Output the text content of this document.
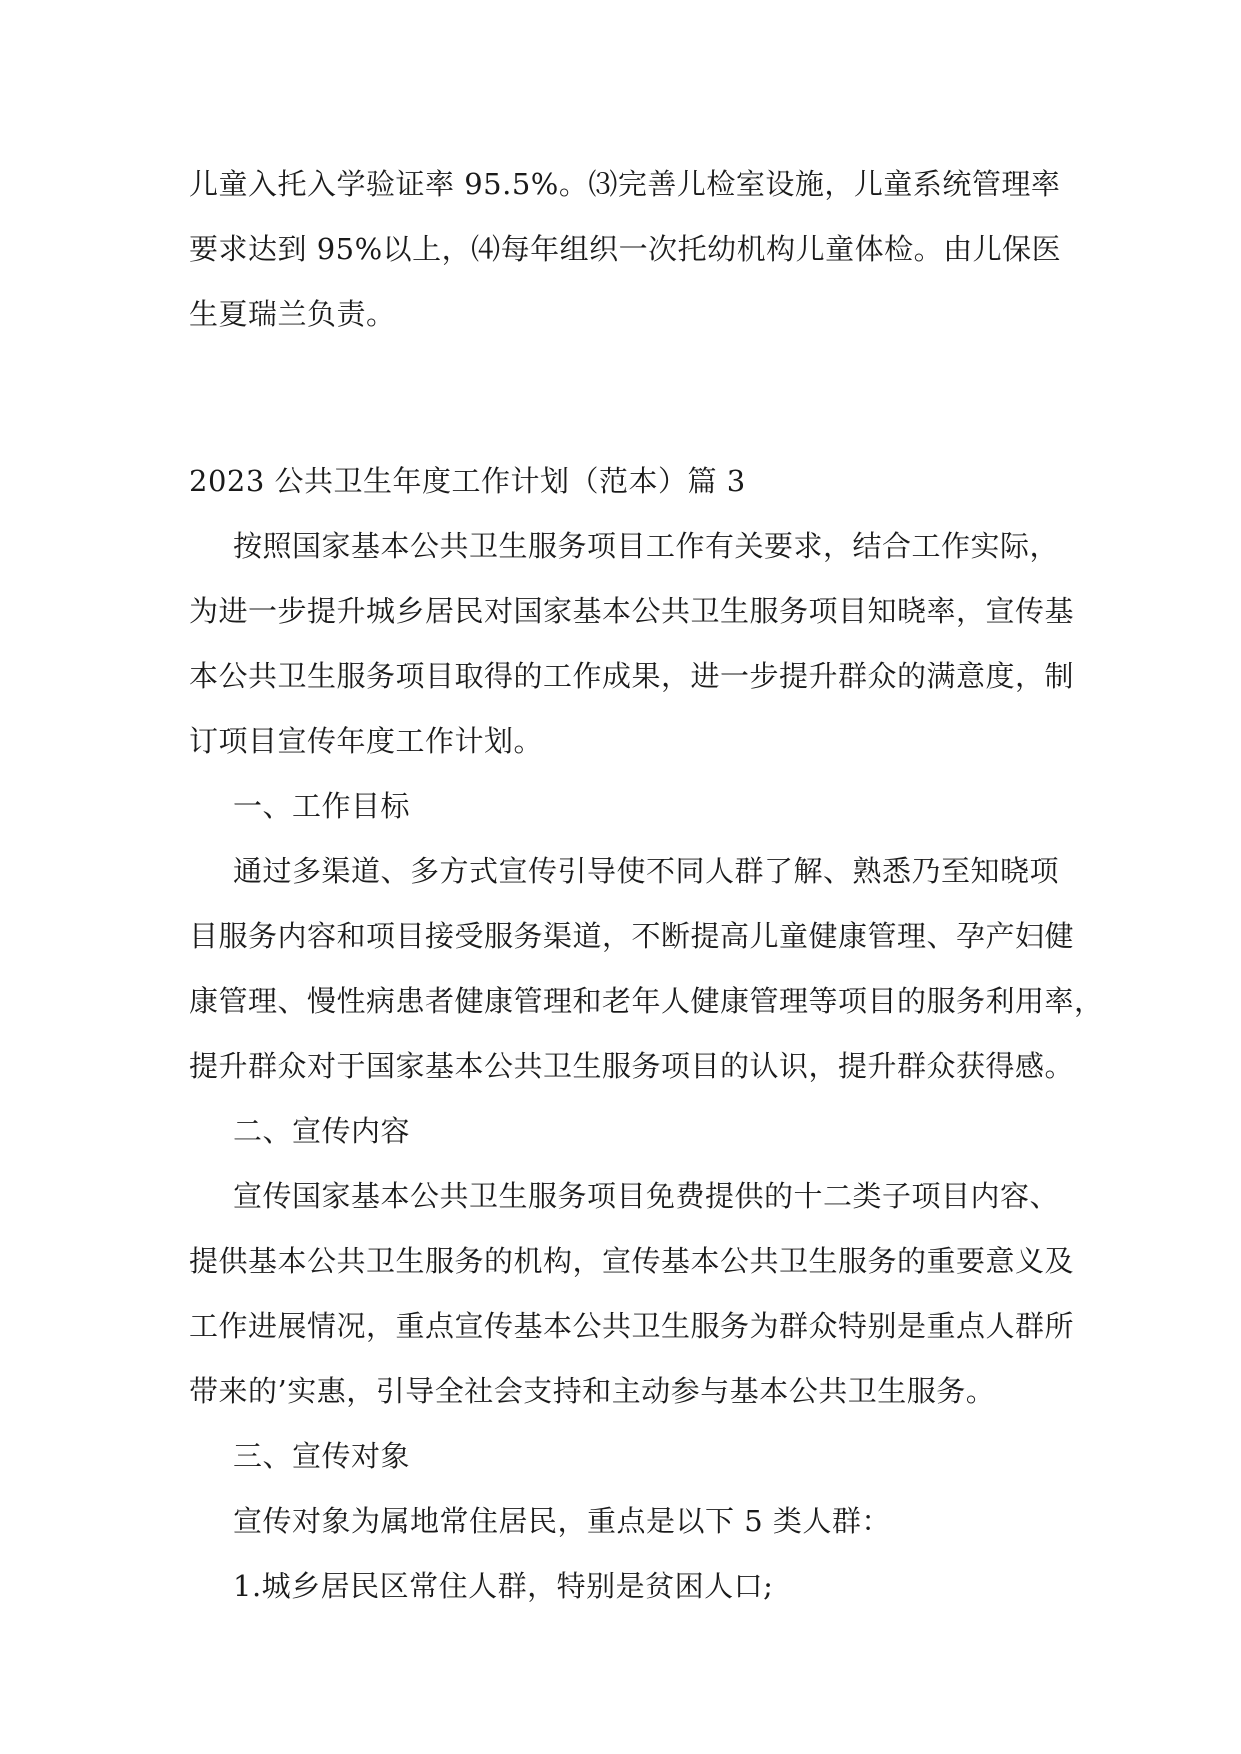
儿童入托入学验证率 95.5%。⑶完善儿检室设施，儿童系统管理率
要求达到 95%以上，⑷每年组织一次托幼机构儿童体检。由儿保医
生夏瑞兰负责。
2023 公共卫生年度工作计划（范本）篇 3
按照国家基本公共卫生服务项目工作有关要求，结合工作实际，
为进一步提升城乡居民对国家基本公共卫生服务项目知晓率，宣传基
本公共卫生服务项目取得的工作成果，进一步提升群众的满意度，制
订项目宣传年度工作计划。
一、工作目标
通过多渠道、多方式宣传引导使不同人群了解、熟悉乃至知晓项
目服务内容和项目接受服务渠道，不断提高儿童健康管理、孕产妇健
康管理、慢性病患者健康管理和老年人健康管理等项目的服务利用率，
提升群众对于国家基本公共卫生服务项目的认识，提升群众获得感。
二、宣传内容
宣传国家基本公共卫生服务项目免费提供的十二类子项目内容、
提供基本公共卫生服务的机构，宣传基本公共卫生服务的重要意义及
工作进展情况，重点宣传基本公共卫生服务为群众特别是重点人群所
带来的’实惠，引导全社会支持和主动参与基本公共卫生服务。
三、宣传对象
宣传对象为属地常住居民，重点是以下 5 类人群：
1.城乡居民区常住人群，特别是贫困人口;
